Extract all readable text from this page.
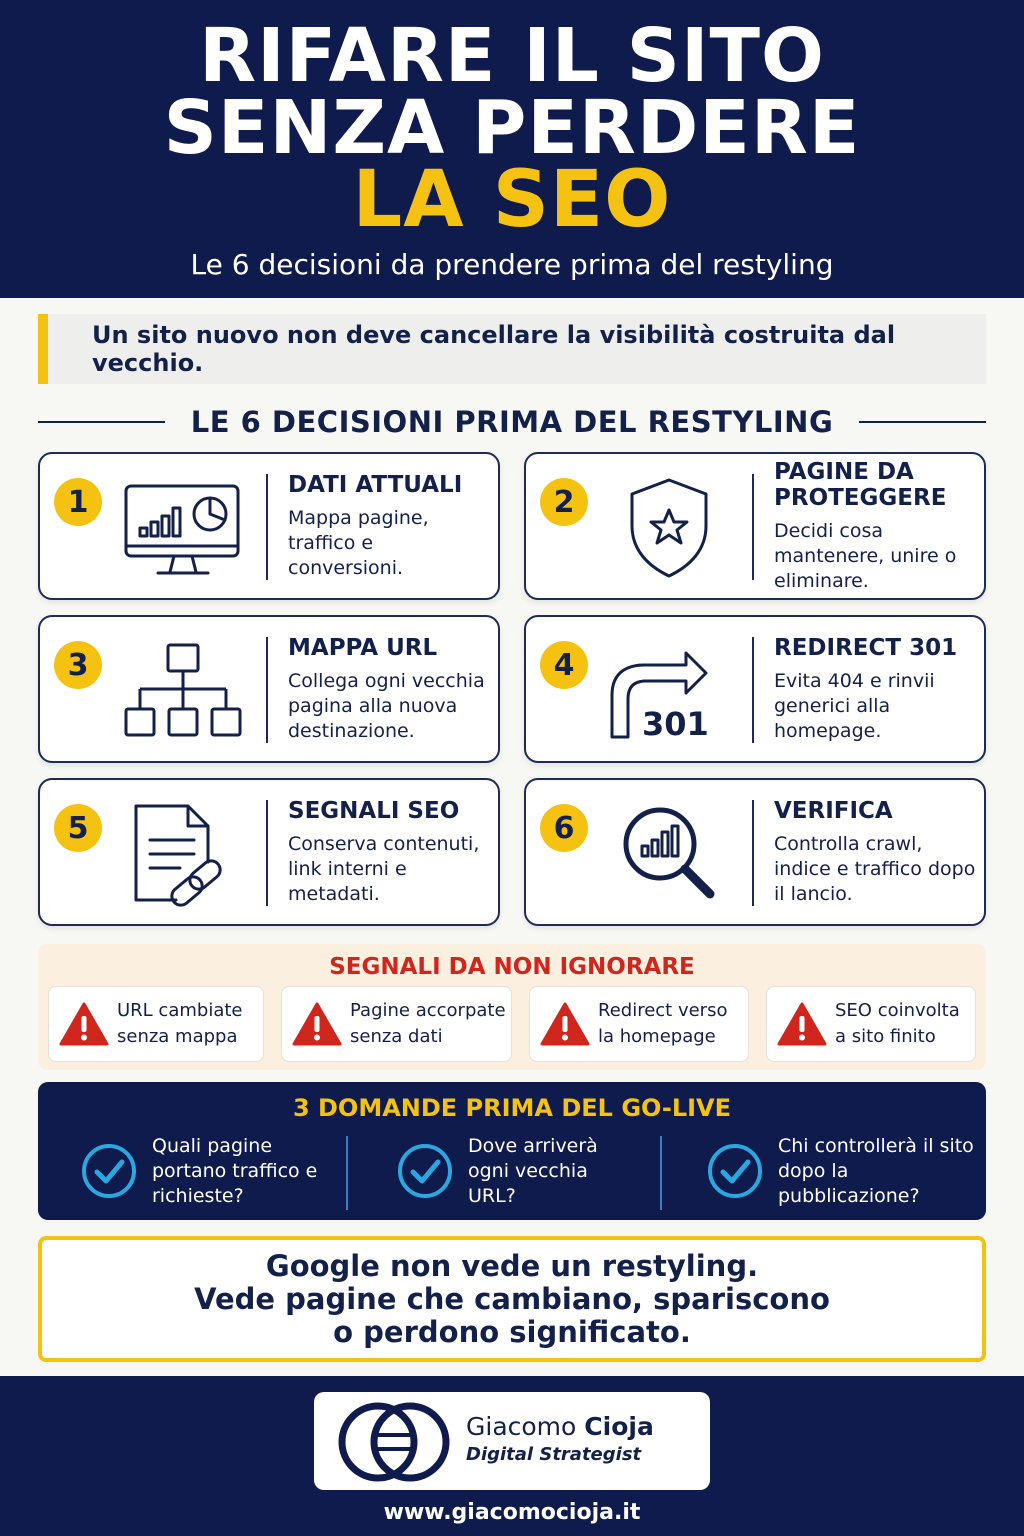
RIFARE IL SITO
SENZA PERDERE
LA SEO
Le 6 decisioni da prendere prima del restyling
Un sito nuovo non deve cancellare la visibilità costruita dal vecchio.
LE 6 DECISIONI PRIMA DEL RESTYLING
1	DATI ATTUALI
Mappa pagine, traffico e conversioni.
2
PAGINE DA PROTEGGERE
Decidi cosa mantenere, unire o eliminare.
3	MAPPA URL
Collega ogni vecchia pagina alla nuova destinazione.
4
301
REDIRECT 301
Evita 404 e rinvii generici alla homepage.
5	SEGNALI SEO
Conserva contenuti, link interni e metadati.
6	VERIFICA
Controlla crawl, indice e traffico dopo il lancio.
SEGNALI DA NON IGNORARE
URL cambiate senza mappa
Pagine accorpate senza dati
Redirect verso la homepage
SEO coinvolta a sito finito
3 DOMANDE PRIMA DEL GO-LIVE
Quali pagine portano traffico e richieste?
Dove arriverà ogni vecchia URL?
Chi controllerà il sito dopo la pubblicazione?
Google non vede un restyling.
Vede pagine che cambiano, spariscono
o perdono significato.
Giacomo Cioja
Digital Strategist
www.giacomocioja.it
